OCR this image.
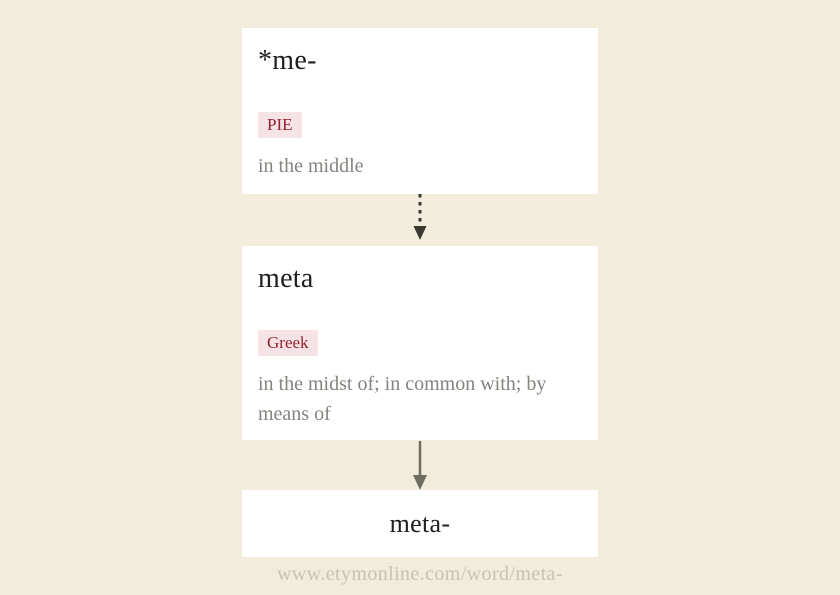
*me-
PIE
in the middle
meta
Greek
in the midst of; in common with; by means of
meta-
www.etymonline.com/word/meta-
